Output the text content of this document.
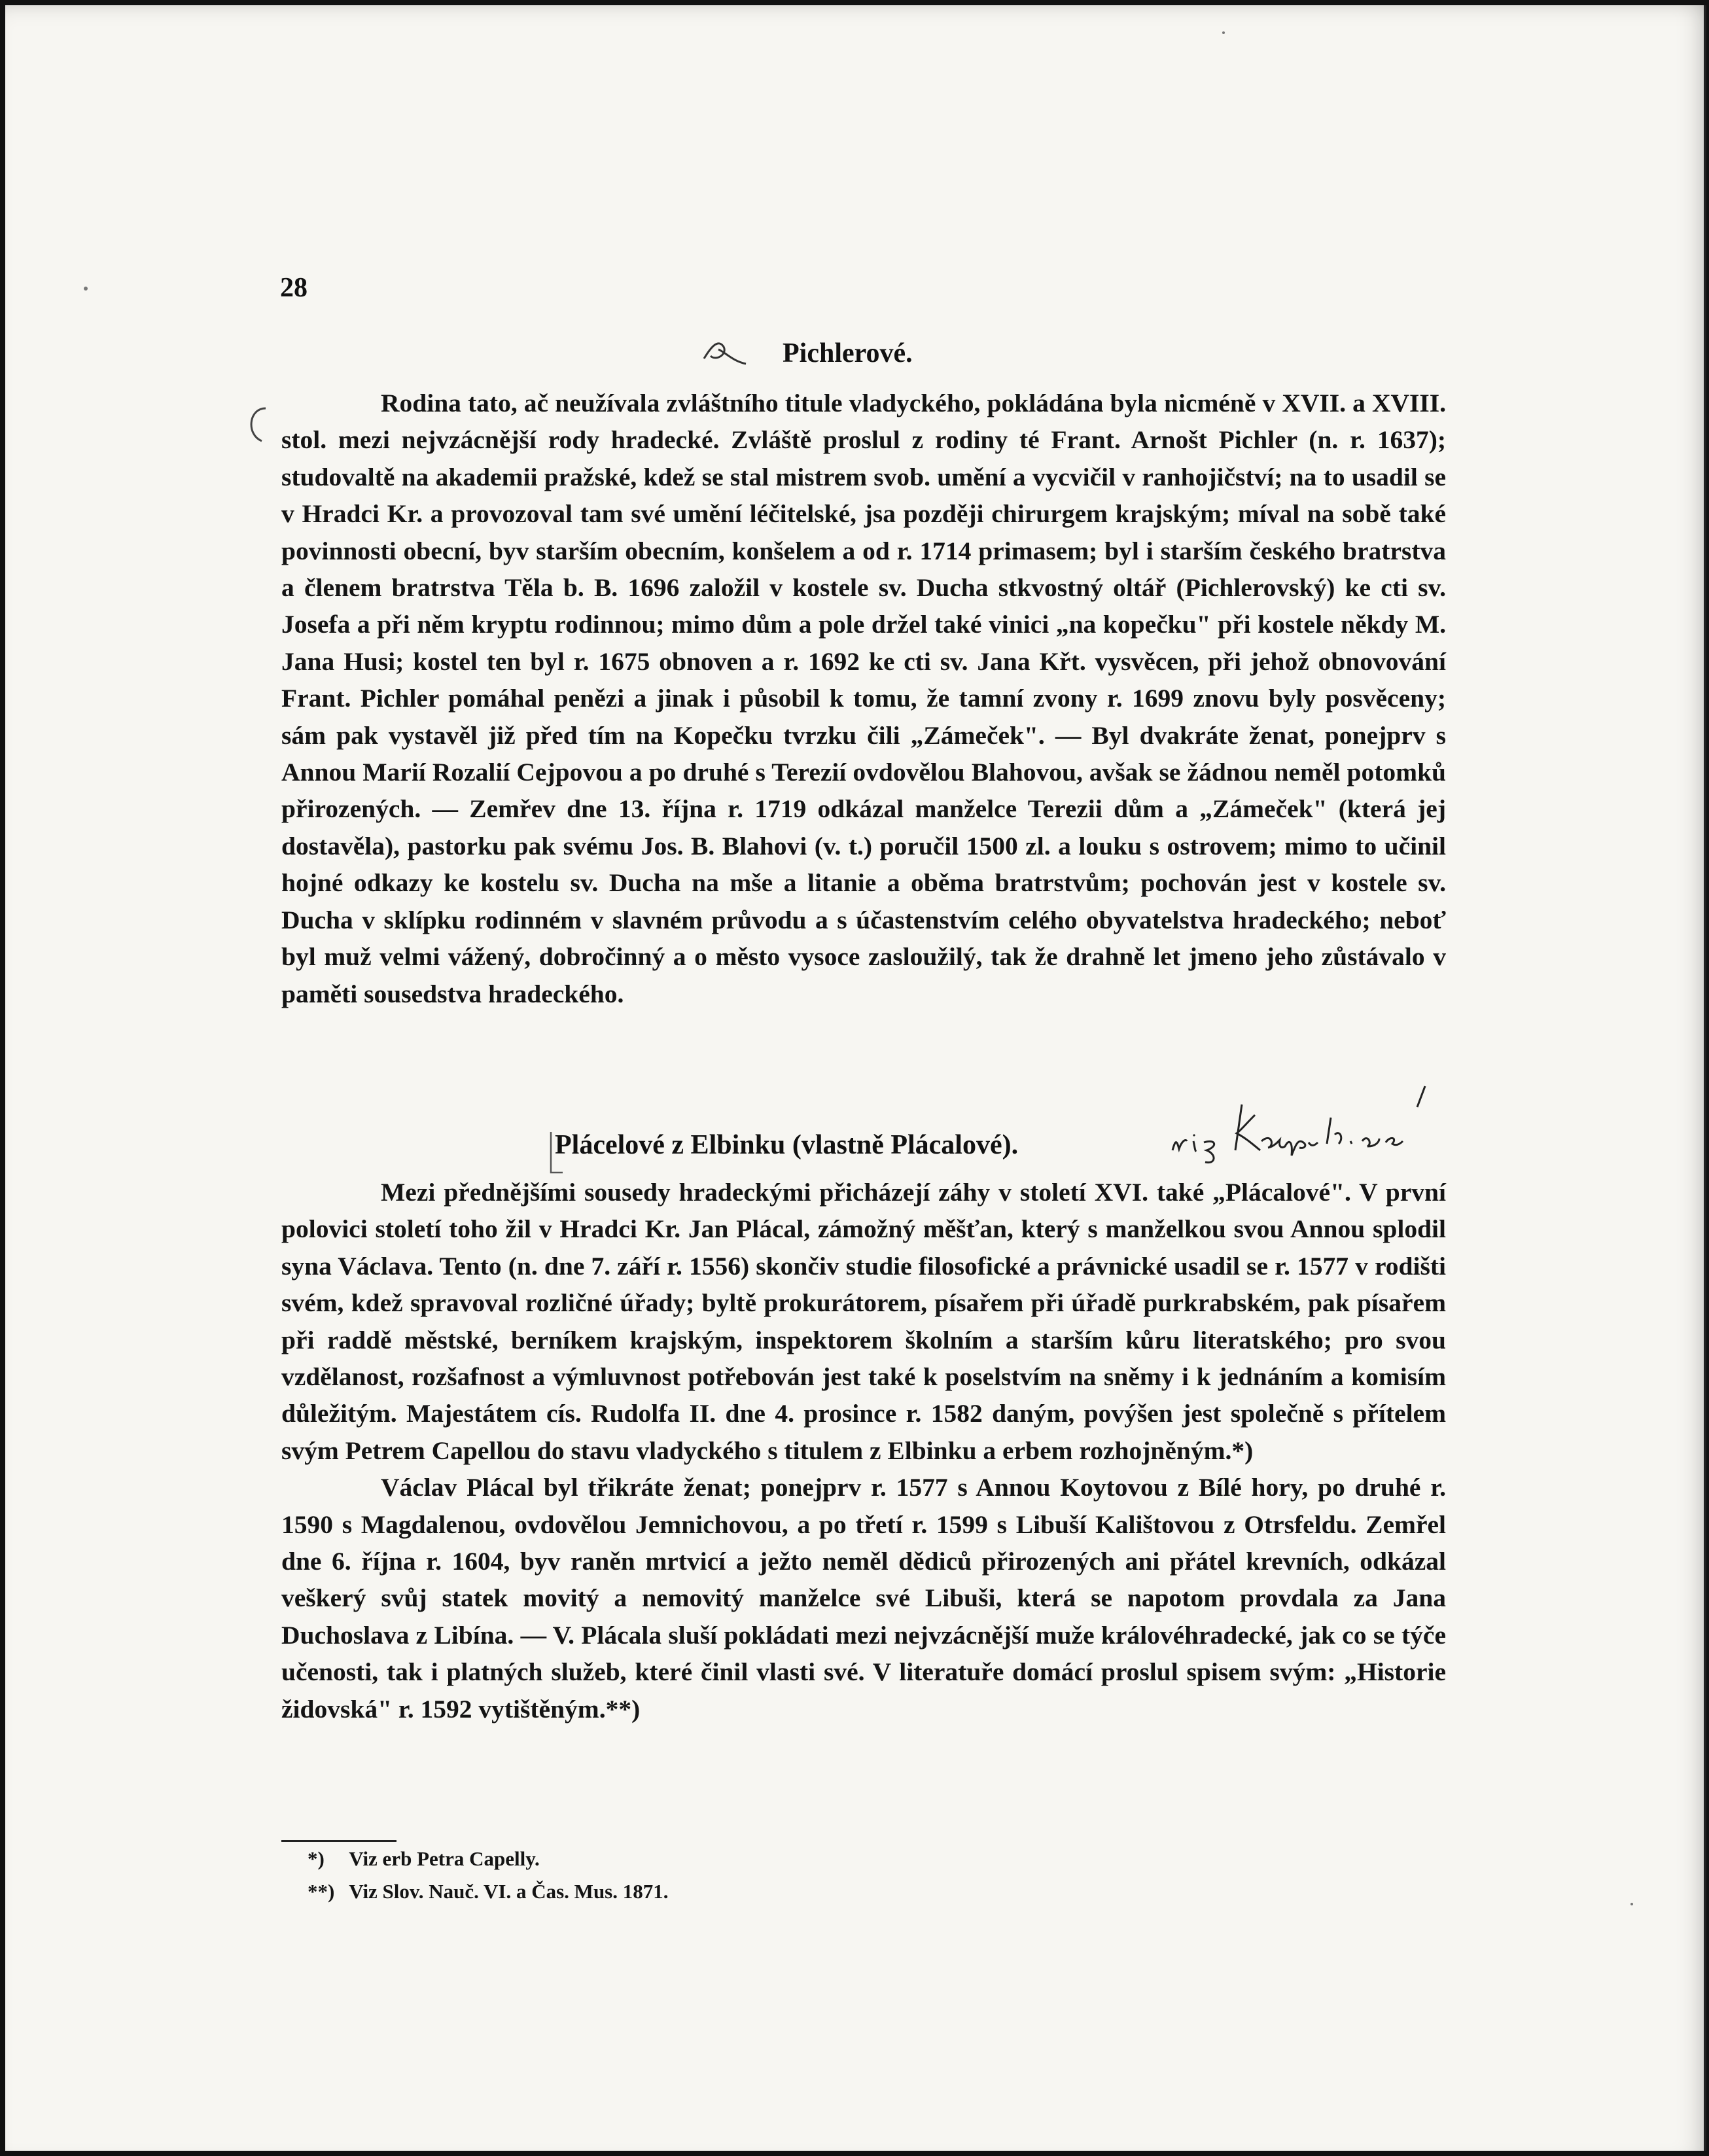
28
Pichlerové.

Rodina tato, ač neužívala zvláštního titule vladyckého, pokládána byla nicméně v XVII. a XVIII. stol. mezi nejvzácnější rody hradecké. Zvláště proslul z rodiny té Frant. Arnošt Pichler (n. r. 1637); studovaltě na akademii pražské, kdež se stal mistrem svob. umění a vycvičil v ranhojičství; na to usadil se v Hradci Kr. a provozoval tam své umění léčitelské, jsa později chirurgem krajským; míval na sobě také povinnosti obecní, byv starším obecním, konšelem a od r. 1714 primasem; byl i starším českého bratrstva a členem bratrstva Těla b. B. 1696 založil v kostele sv. Ducha stkvostný oltář (Pichlerovský) ke cti sv. Josefa a při něm kryptu rodinnou; mimo dům a pole držel také vinici „na kopečku" při kostele někdy M. Jana Husi; kostel ten byl r. 1675 obnoven a r. 1692 ke cti sv. Jana Křt. vysvěcen, při jehož obnovování Frant. Pichler pomáhal penězi a jinak i působil k tomu, že tamní zvony r. 1699 znovu byly posvěceny; sám pak vystavěl již před tím na Kopečku tvrzku čili „Zámeček". — Byl dvakráte ženat, ponejprv s Annou Marií Rozalií Cejpovou a po druhé s Terezií ovdovělou Blahovou, avšak se žádnou neměl potomků přirozených. — Zemřev dne 13. října r. 1719 odkázal manželce Terezii dům a „Zámeček" (která jej dostavěla), pastorku pak svému Jos. B. Blahovi (v. t.) poručil 1500 zl. a louku s ostrovem; mimo to učinil hojné odkazy ke kostelu sv. Ducha na mše a litanie a oběma bratrstvům; pochován jest v kostele sv. Ducha v sklípku rodinném v slavném průvodu a s účastenstvím celého obyvatelstva hradeckého; neboť byl muž velmi vážený, dobročinný a o město vysoce zasloužilý, tak že drahně let jmeno jeho zůstávalo v paměti sousedstva hradeckého.

Plácelové z Elbinku (vlastně Plácalové).

Mezi přednějšími sousedy hradeckými přicházejí záhy v století XVI. také „Plácalové". V první polovici století toho žil v Hradci Kr. Jan Plácal, zámožný měšťan, který s manželkou svou Annou splodil syna Václava. Tento (n. dne 7. září r. 1556) skončiv studie filosofické a právnické usadil se r. 1577 v rodišti svém, kdež spravoval rozličné úřady; byltě prokurátorem, písařem při úřadě purkrabském, pak písařem při raddě městské, berníkem krajským, inspektorem školním a starším kůru literatského; pro svou vzdělanost, rozšafnost a výmluvnost potřebován jest také k poselstvím na sněmy i k jednáním a komisím důležitým. Majestátem cís. Rudolfa II. dne 4. prosince r. 1582 daným, povýšen jest společně s přítelem svým Petrem Capellou do stavu vladyckého s titulem z Elbinku a erbem rozhojněným.*)

Václav Plácal byl třikráte ženat; ponejprv r. 1577 s Annou Koytovou z Bílé hory, po druhé r. 1590 s Magdalenou, ovdovělou Jemnichovou, a po třetí r. 1599 s Libuší Kalištovou z Otrsfeldu. Zemřel dne 6. října r. 1604, byv raněn mrtvicí a ježto neměl dědiců přirozených ani přátel krevních, odkázal veškerý svůj statek movitý a nemovitý manželce své Libuši, která se napotom provdala za Jana Duchoslava z Libína. — V. Plácala sluší pokládati mezi nejvzácnější muže královéhradecké, jak co se týče učenosti, tak i platných služeb, které činil vlasti své. V literatuře domácí proslul spisem svým: „Historie židovská" r. 1592 vytištěným.**)

*) Viz erb Petra Capelly.
**) Viz Slov. Nauč. VI. a Čas. Mus. 1871.
